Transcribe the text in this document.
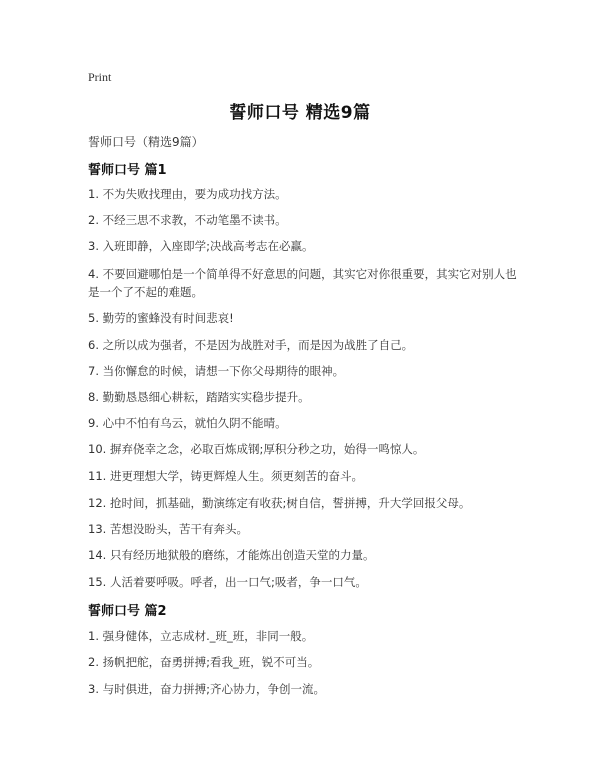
Print
誓师口号 精选9篇
誓师口号（精选9篇）
誓师口号 篇1
1. 不为失败找理由，要为成功找方法。
2. 不经三思不求教，不动笔墨不读书。
3. 入班即静，入座即学;决战高考志在必赢。
4. 不要回避哪怕是一个简单得不好意思的问题，其实它对你很重要，其实它对别人也是一个了不起的难题。
5. 勤劳的蜜蜂没有时间悲哀!
6. 之所以成为强者，不是因为战胜对手，而是因为战胜了自己。
7. 当你懈怠的时候，请想一下你父母期待的眼神。
8. 勤勤恳恳细心耕耘，踏踏实实稳步提升。
9. 心中不怕有乌云，就怕久阴不能晴。
10. 摒弃侥幸之念，必取百炼成钢;厚积分秒之功，始得一鸣惊人。
11. 进更理想大学，铸更辉煌人生。须更刻苦的奋斗。
12. 抢时间，抓基础，勤演练定有收获;树自信，誓拼搏，升大学回报父母。
13. 苦想没盼头，苦干有奔头。
14. 只有经历地狱般的磨练，才能炼出创造天堂的力量。
15. 人活着要呼吸。呼者，出一口气;吸者，争一口气。
誓师口号 篇2
1. 强身健体，立志成材._班_班，非同一般。
2. 扬帆把舵，奋勇拼搏;看我_班，锐不可当。
3. 与时俱进，奋力拼搏;齐心协力，争创一流。
